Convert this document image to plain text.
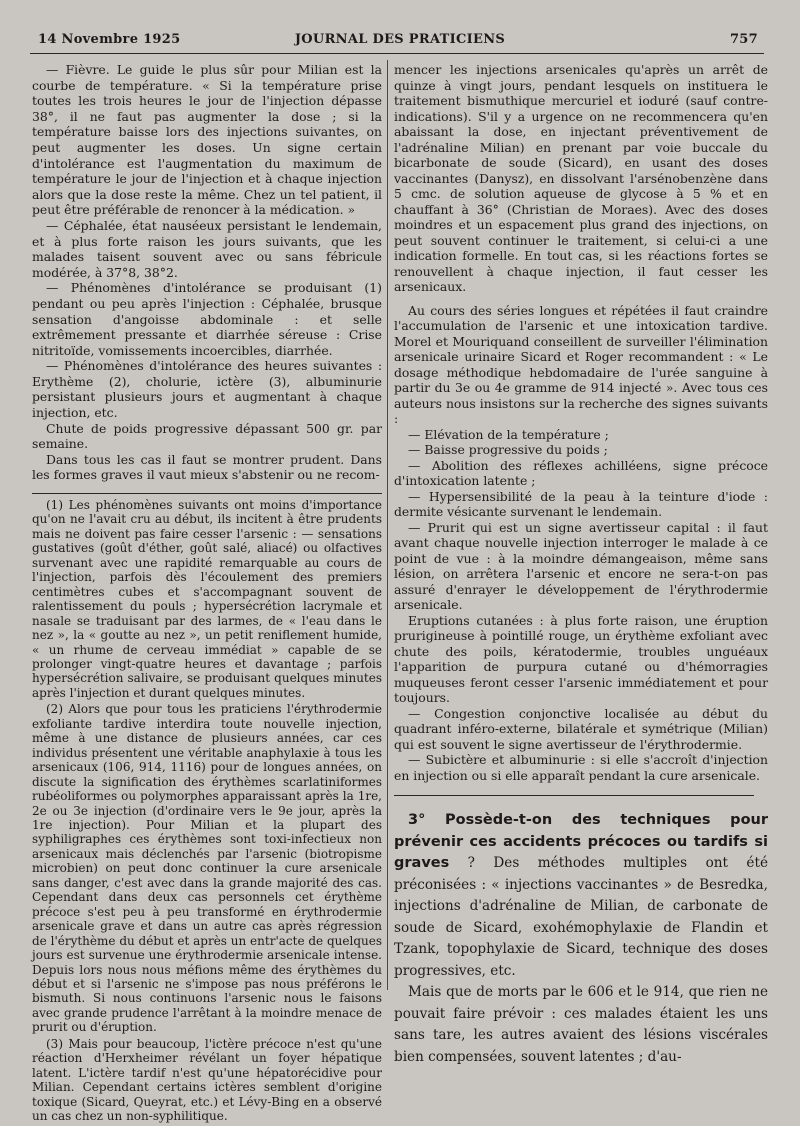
14 Novembre 1925	JOURNAL DES PRATICIENS	757

— Fièvre. Le guide le plus sûr pour Milian est la courbe de température. « Si la température prise toutes les trois heures le jour de l'injection dépasse 38°, il ne faut pas augmenter la dose ; si la température baisse lors des injections suivantes, on peut augmenter les doses. Un signe certain d'intolérance est l'augmentation du maximum de température le jour de l'injection et à chaque injection alors que la dose reste la même. Chez un tel patient, il peut être préférable de renoncer à la médication. »

— Céphalée, état nauséeux persistant le lendemain, et à plus forte raison les jours suivants, que les malades taisent souvent avec ou sans fébricule modérée, à 37°8, 38°2.

— Phénomènes d'intolérance se produisant (1) pendant ou peu après l'injection : Céphalée, brusque sensation d'angoisse abdominale : et selle extrêmement pressante et diarrhée séreuse : Crise nitritoïde, vomissements incoercibles, diarrhée.

— Phénomènes d'intolérance des heures suivantes : Erythème (2), cholurie, ictère (3), albuminurie persistant plusieurs jours et augmentant à chaque injection, etc.

Chute de poids progressive dépassant 500 gr. par semaine.

Dans tous les cas il faut se montrer prudent. Dans les formes graves il vaut mieux s'abstenir ou ne recom-

(1) Les phénomènes suivants ont moins d'importance qu'on ne l'avait cru au début, ils incitent à être prudents mais ne doivent pas faire cesser l'arsenic : — sensations gustatives (goût d'éther, goût salé, aliacé) ou olfactives survenant avec une rapidité remarquable au cours de l'injection, parfois dès l'écoulement des premiers centimètres cubes et s'accompagnant souvent de ralentissement du pouls ; hypersécrétion lacrymale et nasale se traduisant par des larmes, de « l'eau dans le nez », la « goutte au nez », un petit reniflement humide, « un rhume de cerveau immédiat » capable de se prolonger vingt-quatre heures et davantage ; parfois hypersécrétion salivaire, se produisant quelques minutes après l'injection et durant quelques minutes.

(2) Alors que pour tous les praticiens l'érythrodermie exfoliante tardive interdira toute nouvelle injection, même à une distance de plusieurs années, car ces individus présentent une véritable anaphylaxie à tous les arsenicaux (106, 914, 1116) pour de longues années, on discute la signification des érythèmes scarlatiniformes rubéoliformes ou polymorphes apparaissant après la 1re, 2e ou 3e injection (d'ordinaire vers le 9e jour, après la 1re injection). Pour Milian et la plupart des syphiligraphes ces érythèmes sont toxi-infectieux non arsenicaux mais déclenchés par l'arsenic (biotropisme microbien) on peut donc continuer la cure arsenicale sans danger, c'est avec dans la grande majorité des cas. Cependant dans deux cas personnels cet érythème précoce s'est peu à peu transformé en érythrodermie arsenicale grave et dans un autre cas après régression de l'érythème du début et après un entr'acte de quelques jours est survenue une érythrodermie arsenicale intense. Depuis lors nous nous méfions même des érythèmes du début et si l'arsenic ne s'impose pas nous préférons le bismuth. Si nous continuons l'arsenic nous le faisons avec grande prudence l'arrêtant à la moindre menace de prurit ou d'éruption.

(3) Mais pour beaucoup, l'ictère précoce n'est qu'une réaction d'Herxheimer révélant un foyer hépatique latent. L'ictère tardif n'est qu'une hépatorécidive pour Milian. Cependant certains ictères semblent d'origine toxique (Sicard, Queyrat, etc.) et Lévy-Bing en a observé un cas chez un non-syphilitique.

mencer les injections arsenicales qu'après un arrêt de quinze à vingt jours, pendant lesquels on instituera le traitement bismuthique mercuriel et ioduré (sauf contre-indications). S'il y a urgence on ne recommencera qu'en abaissant la dose, en injectant préventivement de l'adrénaline Milian) en prenant par voie buccale du bicarbonate de soude (Sicard), en usant des doses vaccinantes (Danysz), en dissolvant l'arsénobenzène dans 5 cmc. de solution aqueuse de glycose à 5 % et en chauffant à 36° (Christian de Moraes). Avec des doses moindres et un espacement plus grand des injections, on peut souvent continuer le traitement, si celui-ci a une indication formelle. En tout cas, si les réactions fortes se renouvellent à chaque injection, il faut cesser les arsenicaux.

Au cours des séries longues et répétées il faut craindre l'accumulation de l'arsenic et une intoxication tardive. Morel et Mouriquand conseillent de surveiller l'élimination arsenicale urinaire Sicard et Roger recommandent : « Le dosage méthodique hebdomadaire de l'urée sanguine à partir du 3e ou 4e gramme de 914 injecté ». Avec tous ces auteurs nous insistons sur la recherche des signes suivants :

— Elévation de la température ;

— Baisse progressive du poids ;

— Abolition des réflexes achilléens, signe précoce d'intoxication latente ;

— Hypersensibilité de la peau à la teinture d'iode : dermite vésicante survenant le lendemain.

— Prurit qui est un signe avertisseur capital : il faut avant chaque nouvelle injection interroger le malade à ce point de vue : à la moindre démangeaison, même sans lésion, on arrêtera l'arsenic et encore ne sera-t-on pas assuré d'enrayer le développement de l'érythrodermie arsenicale.

Eruptions cutanées : à plus forte raison, une éruption prurigineuse à pointillé rouge, un érythème exfoliant avec chute des poils, kératodermie, troubles unguéaux l'apparition de purpura cutané ou d'hémorragies muqueuses feront cesser l'arsenic immédiatement et pour toujours.

— Congestion conjonctive localisée au début du quadrant inféro-externe, bilatérale et symétrique (Milian) qui est souvent le signe avertisseur de l'érythrodermie.

— Subictère et albuminurie : si elle s'accroît d'injection en injection ou si elle apparaît pendant la cure arsenicale.

3° Possède-t-on des techniques pour prévenir ces accidents précoces ou tardifs si graves ? Des méthodes multiples ont été préconisées : « injections vaccinantes » de Besredka, injections d'adrénaline de Milian, de carbonate de soude de Sicard, exohémophylaxie de Flandin et Tzank, topophylaxie de Sicard, technique des doses progressives, etc.

Mais que de morts par le 606 et le 914, que rien ne pouvait faire prévoir : ces malades étaient les uns sans tare, les autres avaient des lésions viscérales bien compensées, souvent latentes ; d'au-
